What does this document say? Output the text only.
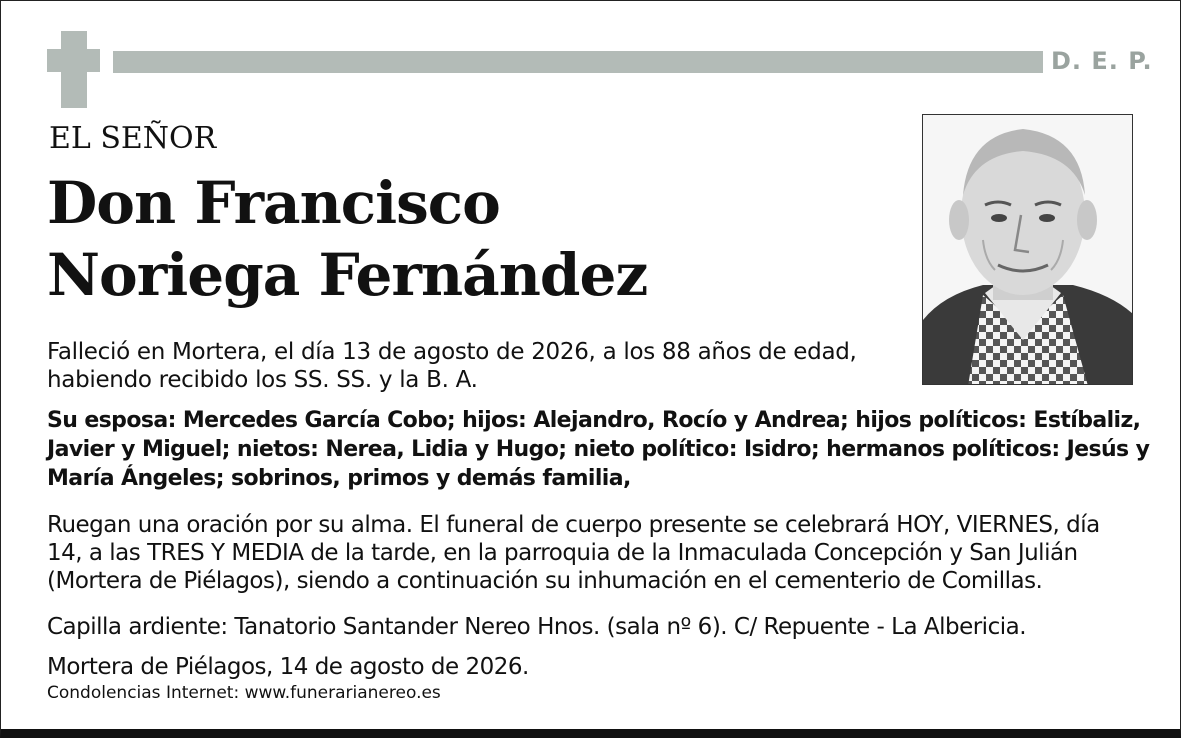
D. E. P.
EL SEÑOR
Don Francisco
Noriega Fernández
Falleció en Mortera, el día 13 de agosto de 2026, a los 88 años de edad,
habiendo recibido los SS. SS. y la B. A.
Su esposa: Mercedes García Cobo; hijos: Alejandro, Rocío y Andrea; hijos políticos: Estíbaliz,
Javier y Miguel; nietos: Nerea, Lidia y Hugo; nieto político: Isidro; hermanos políticos: Jesús y
María Ángeles; sobrinos, primos y demás familia,
Ruegan una oración por su alma. El funeral de cuerpo presente se celebrará HOY, VIERNES, día
14, a las TRES Y MEDIA de la tarde, en la parroquia de la Inmaculada Concepción y San Julián
(Mortera de Piélagos), siendo a continuación su inhumación en el cementerio de Comillas.
Capilla ardiente: Tanatorio Santander Nereo Hnos. (sala nº 6). C/ Repuente - La Albericia.
Mortera de Piélagos, 14 de agosto de 2026.
Condolencias Internet: www.funerarianereo.es
